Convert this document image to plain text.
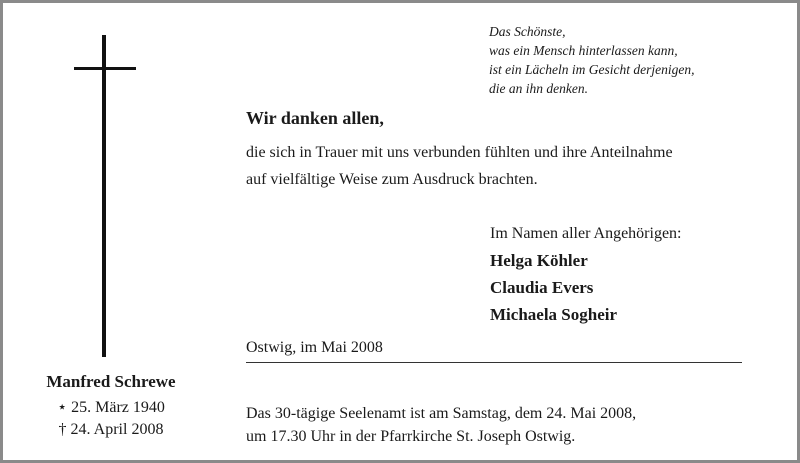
Das Schönste,
was ein Mensch hinterlassen kann,
ist ein Lächeln im Gesicht derjenigen,
die an ihn denken.
Wir danken allen,
die sich in Trauer mit uns verbunden fühlten und ihre Anteilnahme
auf vielfältige Weise zum Ausdruck brachten.
Im Namen aller Angehörigen:
Helga Köhler
Claudia Evers
Michaela Sogheir
Ostwig, im Mai 2008
Manfred Schrewe
⋆ 25. März 1940
† 24. April 2008
Das 30-tägige Seelenamt ist am Samstag, dem 24. Mai 2008,
um 17.30 Uhr in der Pfarrkirche St. Joseph Ostwig.
